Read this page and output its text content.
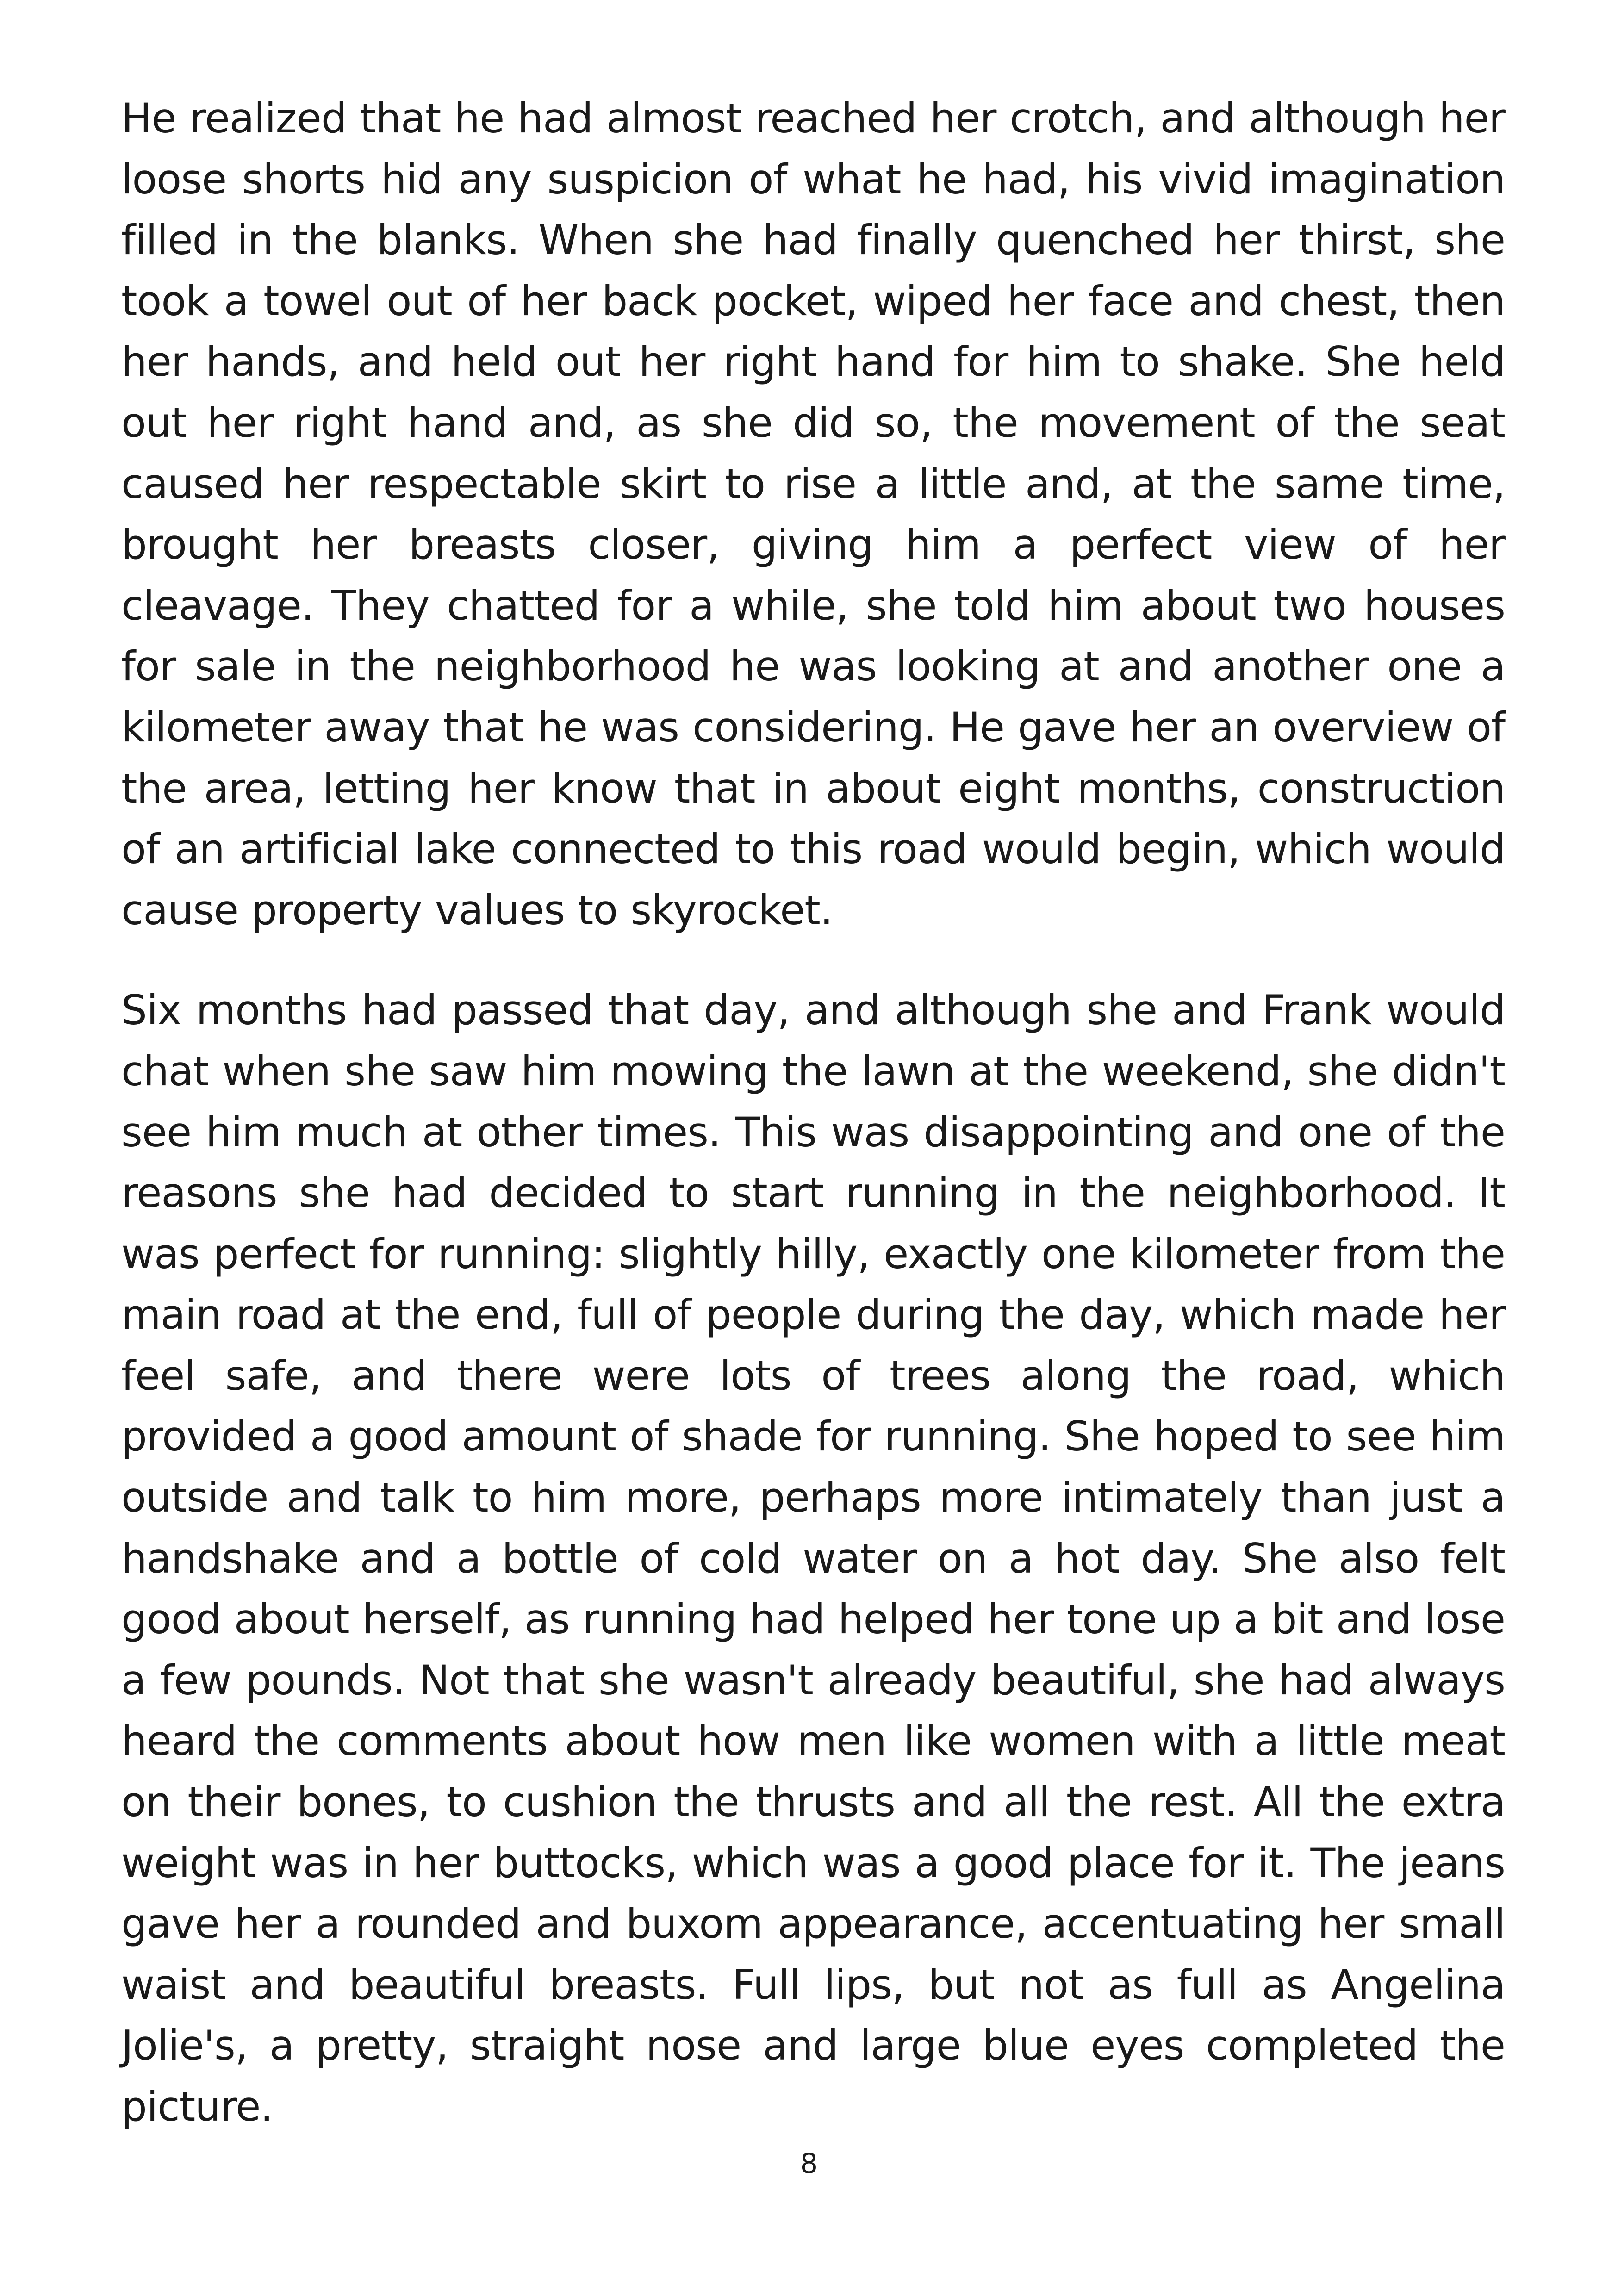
He realized that he had almost reached her crotch, and although her loose shorts hid any suspicion of what he had, his vivid imagination filled in the blanks. When she had finally quenched her thirst, she took a towel out of her back pocket, wiped her face and chest, then her hands, and held out her right hand for him to shake. She held out her right hand and, as she did so, the movement of the seat caused her respectable skirt to rise a little and, at the same time, brought her breasts closer, giving him a perfect view of her cleavage. They chatted for a while, she told him about two houses for sale in the neighborhood he was looking at and another one a kilometer away that he was considering. He gave her an overview of the area, letting her know that in about eight months, construction of an artificial lake connected to this road would begin, which would cause property values to skyrocket.

Six months had passed that day, and although she and Frank would chat when she saw him mowing the lawn at the weekend, she didn't see him much at other times. This was disappointing and one of the reasons she had decided to start running in the neighborhood. It was perfect for running: slightly hilly, exactly one kilometer from the main road at the end, full of people during the day, which made her feel safe, and there were lots of trees along the road, which provided a good amount of shade for running. She hoped to see him outside and talk to him more, perhaps more intimately than just a handshake and a bottle of cold water on a hot day. She also felt good about herself, as running had helped her tone up a bit and lose a few pounds. Not that she wasn't already beautiful, she had always heard the comments about how men like women with a little meat on their bones, to cushion the thrusts and all the rest. All the extra weight was in her buttocks, which was a good place for it. The jeans gave her a rounded and buxom appearance, accentuating her small waist and beautiful breasts. Full lips, but not as full as Angelina Jolie's, a pretty, straight nose and large blue eyes completed the picture.

8
